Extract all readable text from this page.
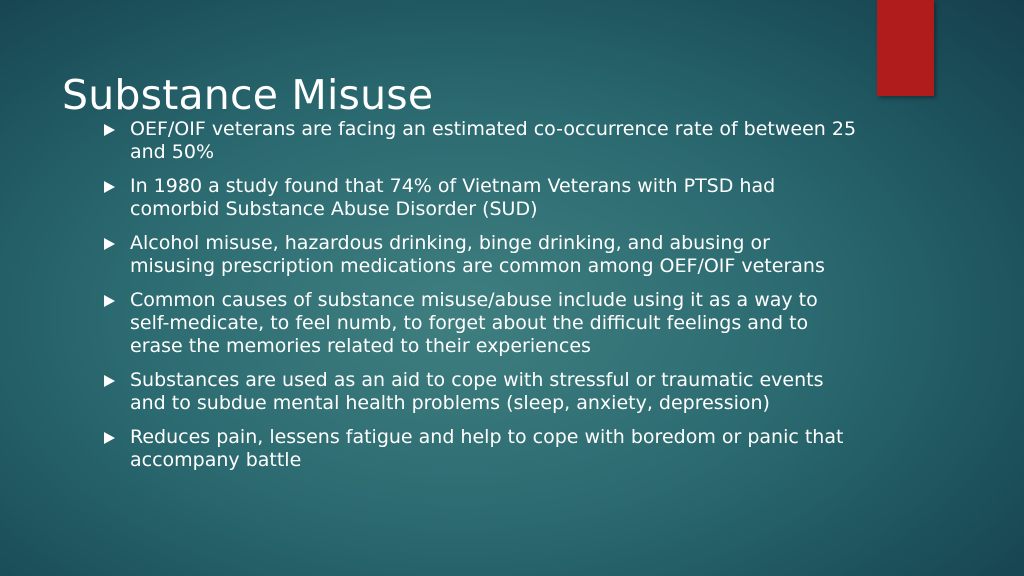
Substance Misuse
OEF/OIF veterans are facing an estimated co-occurrence rate of between 25 and 50%
In 1980 a study found that 74% of Vietnam Veterans with PTSD had comorbid Substance Abuse Disorder (SUD)
Alcohol misuse, hazardous drinking, binge drinking, and abusing or misusing prescription medications are common among OEF/OIF veterans
Common causes of substance misuse/abuse include using it as a way to self-medicate, to feel numb, to forget about the difficult feelings and to erase the memories related to their experiences
Substances are used as an aid to cope with stressful or traumatic events and to subdue mental health problems (sleep, anxiety, depression)
Reduces pain, lessens fatigue and help to cope with boredom or panic that accompany battle
